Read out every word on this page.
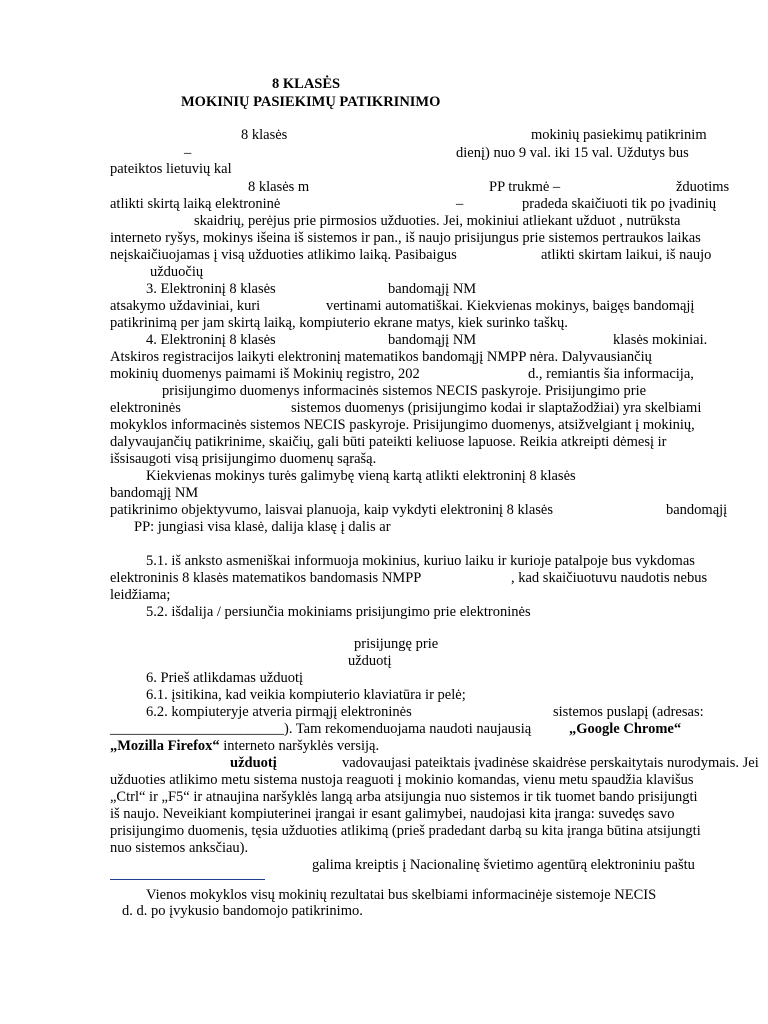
8 KLASĖS
MOKINIŲ PASIEKIMŲ PATIKRINIMO
8 klasės	mokinių pasiekimų patikrinim
–	dienį) nuo 9 val. iki 15 val. Uždutys bus
pateiktos lietuvių kal
8 klasės m	PP trukmė –	žduotims
atlikti skirtą laiką elektroninė	–	pradeda skaičiuoti tik po įvadinių
skaidrių, perėjus prie pirmosios užduoties. Jei, mokiniui atliekant užduot , nutrūksta
interneto ryšys, mokinys išeina iš sistemos ir pan., iš naujo prisijungus prie sistemos pertraukos laikas
neįskaičiuojamas į visą užduoties atlikimo laiką. Pasibaigus	atlikti skirtam laikui, iš naujo
užduočių
3. Elektroninį 8 klasės	bandomąjį NM
atsakymo uždaviniai, kuri	vertinami automatiškai. Kiekvienas mokinys, baigęs bandomąjį
patikrinimą per jam skirtą laiką, kompiuterio ekrane matys, kiek surinko taškų.
4. Elektroninį 8 klasės	bandomąjį NM	klasės mokiniai.
Atskiros registracijos laikyti elektroninį matematikos bandomąjį NMPP nėra. Dalyvausiančių
mokinių duomenys paimami iš Mokinių registro, 202	d., remiantis šia informacija,
prisijungimo duomenys informacinės sistemos NECIS paskyroje. Prisijungimo prie
elektroninės	sistemos duomenys (prisijungimo kodai ir slaptažodžiai) yra skelbiami
mokyklos informacinės sistemos NECIS paskyroje. Prisijungimo duomenys, atsižvelgiant į mokinių,
dalyvaujančių patikrinime, skaičių, gali būti pateikti keliuose lapuose. Reikia atkreipti dėmesį ir
išsisaugoti visą prisijungimo duomenų sąrašą.
Kiekvienas mokinys turės galimybę vieną kartą atlikti elektroninį 8 klasės
bandomąjį NM
patikrinimo objektyvumo, laisvai planuoja, kaip vykdyti elektroninį 8 klasės	bandomąjį
PP: jungiasi visa klasė, dalija klasę į dalis ar
5.1. iš anksto asmeniškai informuoja mokinius, kuriuo laiku ir kurioje patalpoje bus vykdomas
elektroninis 8 klasės matematikos bandomasis NMPP	, kad skaičiuotuvu naudotis nebus
leidžiama;
5.2. išdalija / persiunčia mokiniams prisijungimo prie elektroninės
prisijungę prie
užduotį
6. Prieš atlikdamas užduotį
6.1. įsitikina, kad veikia kompiuterio klaviatūra ir pelė;
6.2. kompiuteryje atveria pirmąjį elektroninės	sistemos puslapį (adresas:
________________________). Tam rekomenduojama naudoti naujausią	„Google Chrome“
„Mozilla Firefox“ interneto naršyklės versiją.
užduotį	vadovaujasi pateiktais įvadinėse skaidrėse perskaitytais nurodymais. Jei
užduoties atlikimo metu sistema nustoja reaguoti į mokinio komandas, vienu metu spaudžia klavišus
„Ctrl“ ir „F5“ ir atnaujina naršyklės langą arba atsijungia nuo sistemos ir tik tuomet bando prisijungti
iš naujo. Neveikiant kompiuterinei įrangai ir esant galimybei, naudojasi kita įranga: suvedęs savo
prisijungimo duomenis, tęsia užduoties atlikimą (prieš pradedant darbą su kita įranga būtina atsijungti
nuo sistemos anksčiau).
galima kreiptis į Nacionalinę švietimo agentūrą elektroniniu paštu
Vienos mokyklos visų mokinių rezultatai bus skelbiami informacinėje sistemoje NECIS
d. d. po įvykusio bandomojo patikrinimo.
